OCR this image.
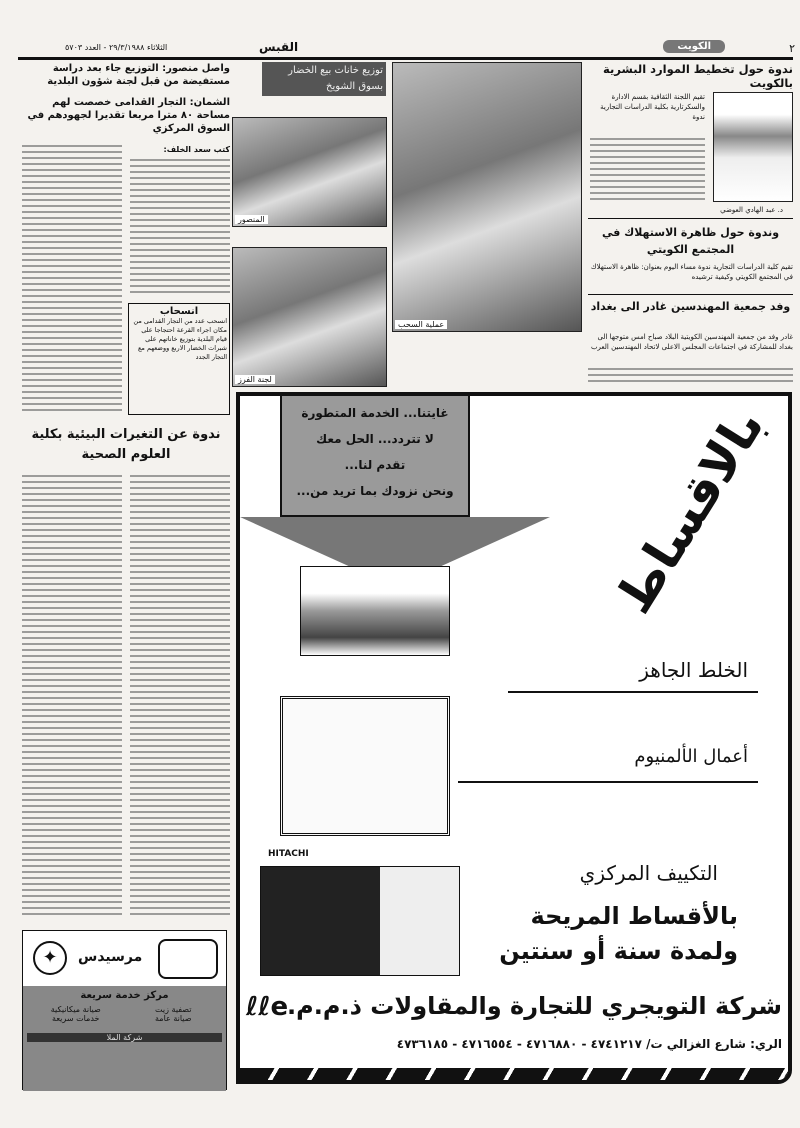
٢
الكويت
القبس
الثلاثاء ٢٩/٣/١٩٨٨ - العدد ٥٧٠٣
ندوة حول تخطيط الموارد البشرية بالكويت
تقيم اللجنة الثقافية بقسم الادارة والسكرتارية بكلية الدراسات التجارية ندوة
د. عبد الهادي العوضي
وندوة حول ظاهرة الاستهلاك في المجتمع الكويتي
تقيم كلية الدراسات التجارية ندوة مساء اليوم بعنوان: ظاهرة الاستهلاك في المجتمع الكويتي وكيفية ترشيده
وفد جمعية المهندسين غادر الى بغداد
غادر وفد من جمعية المهندسين الكويتية البلاد صباح امس متوجها الى بغداد للمشاركة في اجتماعات المجلس الاعلى لاتحاد المهندسين العرب
توزيع خانات بيع الخضار بسوق الشويخ
عملية السحب
المنصور
لجنة الفرز
واصل منصور: التوزيع جاء بعد دراسة مستفيضة من قبل لجنة شؤون البلدية
الشمان: التجار القدامى خصصت لهم مساحة ٨٠ مترا مربعا تقديرا لجهودهم في السوق المركزي
كتب سعد الخلف:
انسحاب
انسحب عدد من التجار القدامى من مكان اجراء القرعة احتجاجا على قيام البلدية بتوزيع خاناتهم على شبرات الخضار الاربع ووضعهم مع التجار الجدد
ندوة عن التغيرات البيئية بكلية العلوم الصحية
✦	مرسيدس
مركز خدمة سريعة
تصفية زيت
صيانة ميكانيكية
صيانة عامة
خدمات سريعة
شركة الملا
غايتنا... الخدمة المتطورة
لا تتردد... الحل معك
تقدم لنا...
ونحن نزودك بما تريد من...	بالاقساط
الخلط الجاهز
أعمال الألمنيوم
HITACHI
التكييف المركزي
بالأقساط المريحة
ولمدة سنة أو سنتين
ℓℓe
شركة التويجري للتجارة والمقاولات ذ.م.م.
الري: شارع الغزالي ت/ ٤٧٤١٢١٧ - ٤٧١٦٨٨٠ - ٤٧١٦٥٥٤ - ٤٧٣٦١٨٥
